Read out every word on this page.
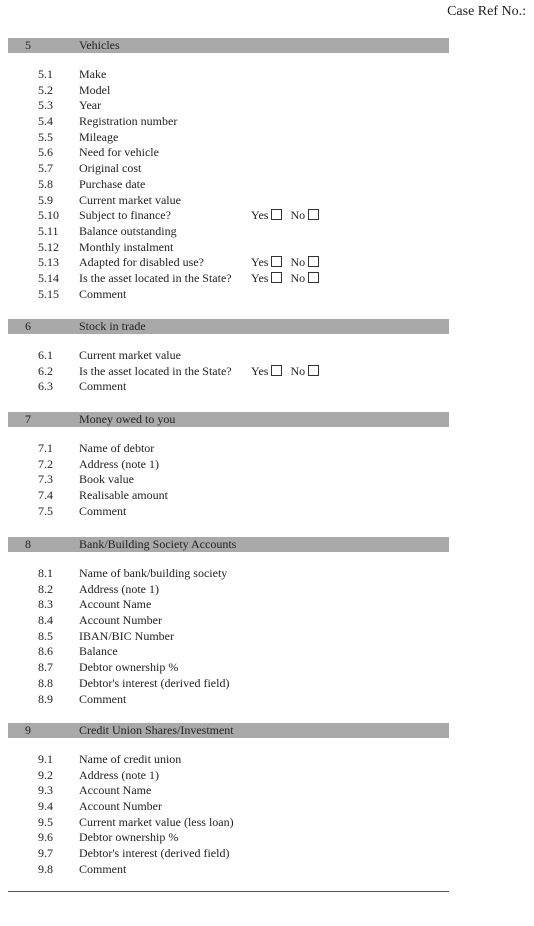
Case Ref No.:
5	Vehicles
5.1	Make
5.2	Model
5.3	Year
5.4	Registration number
5.5	Mileage
5.6	Need for vehicle
5.7	Original cost
5.8	Purchase date
5.9	Current market value
5.10	Subject to finance?	Yes No
5.11	Balance outstanding
5.12	Monthly instalment
5.13	Adapted for disabled use?	Yes No
5.14	Is the asset located in the State? Yes No
5.15	Comment
6	Stock in trade
6.1	Current market value
6.2	Is the asset located in the State? Yes No
6.3	Comment
7	Money owed to you
7.1	Name of debtor
7.2	Address (note 1)
7.3	Book value
7.4	Realisable amount
7.5	Comment
8	Bank/Building Society Accounts
8.1	Name of bank/building society
8.2	Address (note 1)
8.3	Account Name
8.4	Account Number
8.5	IBAN/BIC Number
8.6	Balance
8.7	Debtor ownership %
8.8	Debtor's interest (derived field)
8.9	Comment
9	Credit Union Shares/Investment
9.1	Name of credit union
9.2	Address (note 1)
9.3	Account Name
9.4	Account Number
9.5	Current market value (less loan)
9.6	Debtor ownership %
9.7	Debtor's interest (derived field)
9.8	Comment
